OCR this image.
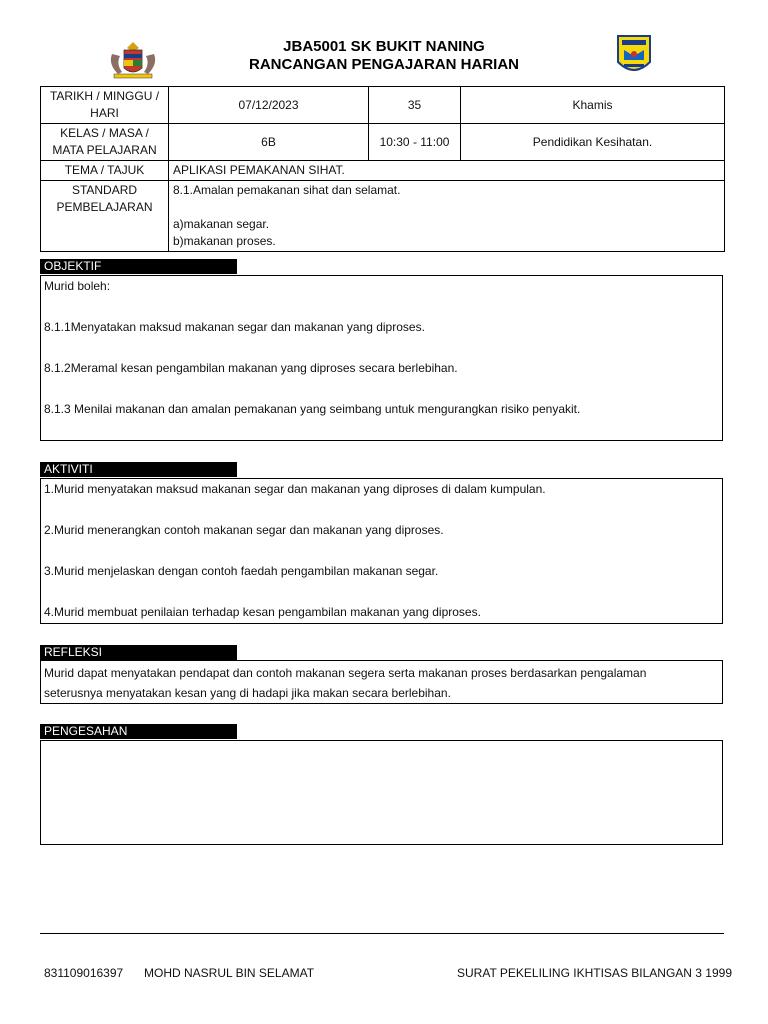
JBA5001 SK BUKIT NANING
RANCANGAN PENGAJARAN HARIAN
TARIKH / MINGGU / HARI	07/12/2023	35	Khamis
KELAS / MASA / MATA PELAJARAN	6B	10:30 - 11:00	Pendidikan Kesihatan.
TEMA / TAJUK	APLIKASI PEMAKANAN SIHAT.		
STANDARD PEMBELAJARAN	8.1.Amalan pemakanan sihat dan selamat.
a)makanan segar.
b)makanan proses.		
OBJEKTIF

Murid boleh:

8.1.1Menyatakan maksud makanan segar dan makanan yang diproses.

8.1.2Meramal kesan pengambilan makanan yang diproses secara berlebihan.

8.1.3 Menilai makanan dan amalan pemakanan yang seimbang untuk mengurangkan risiko penyakit.

AKTIVITI

1.Murid menyatakan maksud makanan segar dan makanan yang diproses di dalam kumpulan.

2.Murid menerangkan contoh makanan segar dan makanan yang diproses.

3.Murid menjelaskan dengan contoh faedah pengambilan makanan segar.

4.Murid membuat penilaian terhadap kesan pengambilan makanan yang diproses.

REFLEKSI

Murid dapat menyatakan pendapat dan contoh makanan segera serta makanan proses berdasarkan pengalaman

seterusnya menyatakan kesan yang di hadapi jika makan secara berlebihan.

PENGESAHAN
831109016397 MOHD NASRUL BIN SELAMAT	SURAT PEKELILING IKHTISAS BILANGAN 3 1999
